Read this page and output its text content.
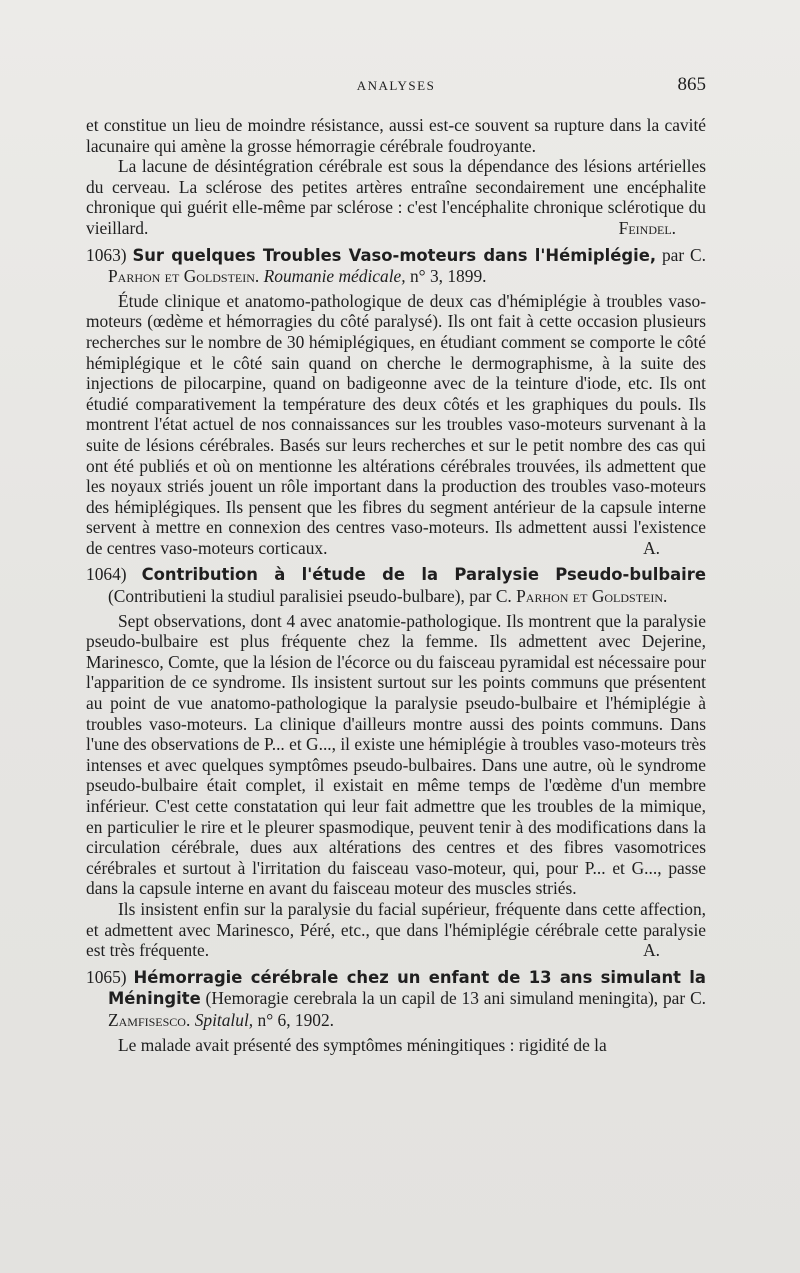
ANALYSES	865

et constitue un lieu de moindre résistance, aussi est-ce souvent sa rupture dans la cavité lacunaire qui amène la grosse hémorragie cérébrale foudroyante.

La lacune de désintégration cérébrale est sous la dépendance des lésions artérielles du cerveau. La sclérose des petites artères entraîne secondairement une encéphalite chronique qui guérit elle-même par sclérose : c'est l'encéphalite chronique sclérotique du vieillard.	Feindel.

1063) Sur quelques Troubles Vaso-moteurs dans l'Hémiplégie, par C. Parhon et Goldstein. Roumanie médicale, n° 3, 1899.

Étude clinique et anatomo-pathologique de deux cas d'hémiplégie à troubles vaso-moteurs (œdème et hémorragies du côté paralysé). Ils ont fait à cette occasion plusieurs recherches sur le nombre de 30 hémiplégiques, en étudiant comment se comporte le côté hémiplégique et le côté sain quand on cherche le dermographisme, à la suite des injections de pilocarpine, quand on badigeonne avec de la teinture d'iode, etc. Ils ont étudié comparativement la température des deux côtés et les graphiques du pouls. Ils montrent l'état actuel de nos connaissances sur les troubles vaso-moteurs survenant à la suite de lésions cérébrales. Basés sur leurs recherches et sur le petit nombre des cas qui ont été publiés et où on mentionne les altérations cérébrales trouvées, ils admettent que les noyaux striés jouent un rôle important dans la production des troubles vaso-moteurs des hémiplégiques. Ils pensent que les fibres du segment antérieur de la capsule interne servent à mettre en connexion des centres vaso-moteurs. Ils admettent aussi l'existence de centres vaso-moteurs corticaux.	A.

1064) Contribution à l'étude de la Paralysie Pseudo-bulbaire (Contributieni la studiul paralisiei pseudo-bulbare), par C. Parhon et Goldstein.

Sept observations, dont 4 avec anatomie-pathologique. Ils montrent que la paralysie pseudo-bulbaire est plus fréquente chez la femme. Ils admettent avec Dejerine, Marinesco, Comte, que la lésion de l'écorce ou du faisceau pyramidal est nécessaire pour l'apparition de ce syndrome. Ils insistent surtout sur les points communs que présentent au point de vue anatomo-pathologique la paralysie pseudo-bulbaire et l'hémiplégie à troubles vaso-moteurs. La clinique d'ailleurs montre aussi des points communs. Dans l'une des observations de P... et G..., il existe une hémiplégie à troubles vaso-moteurs très intenses et avec quelques symptômes pseudo-bulbaires. Dans une autre, où le syndrome pseudo-bulbaire était complet, il existait en même temps de l'œdème d'un membre inférieur. C'est cette constatation qui leur fait admettre que les troubles de la mimique, en particulier le rire et le pleurer spasmodique, peuvent tenir à des modifications dans la circulation cérébrale, dues aux altérations des centres et des fibres vasomotrices cérébrales et surtout à l'irritation du faisceau vaso-moteur, qui, pour P... et G..., passe dans la capsule interne en avant du faisceau moteur des muscles striés.

Ils insistent enfin sur la paralysie du facial supérieur, fréquente dans cette affection, et admettent avec Marinesco, Péré, etc., que dans l'hémiplégie cérébrale cette paralysie est très fréquente.	A.

1065) Hémorragie cérébrale chez un enfant de 13 ans simulant la Méningite (Hemoragie cerebrala la un capil de 13 ani simuland meningita), par C. Zamfisesco. Spitalul, n° 6, 1902.

Le malade avait présenté des symptômes méningitiques : rigidité de la
